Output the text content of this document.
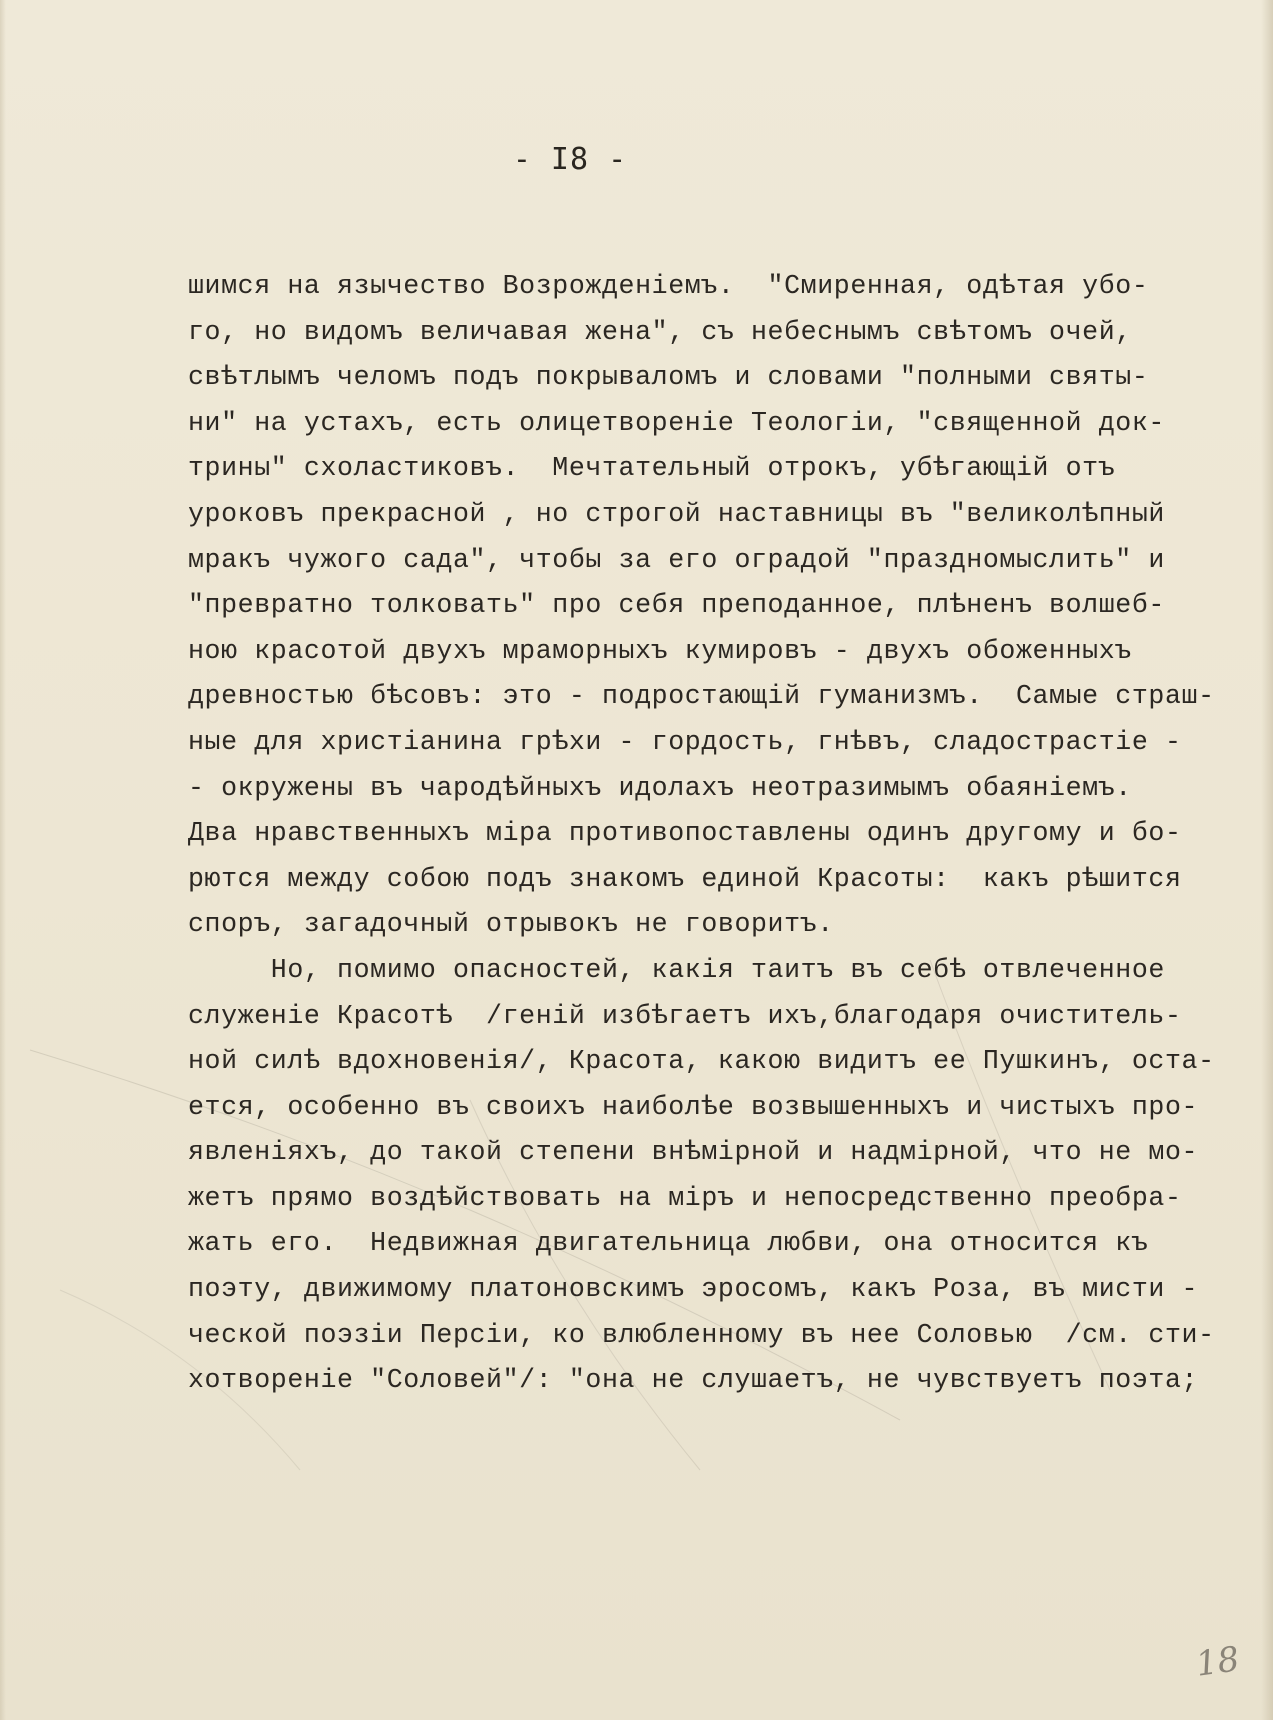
- I8 -
шимся на язычество Возрожденіемъ.  "Смиренная, одѣтая убо-
го, но видомъ величавая жена", съ небеснымъ свѣтомъ очей,
свѣтлымъ челомъ подъ покрываломъ и словами "полными святы-
ни" на устахъ, есть олицетвореніе Теологіи, "священной док-
трины" схоластиковъ.  Мечтательный отрокъ, убѣгающій отъ
уроковъ прекрасной , но строгой наставницы въ "великолѣпный
мракъ чужого сада", чтобы за его оградой "праздномыслить" и
"превратно толковать" про себя преподанное, плѣненъ волшеб-
ною красотой двухъ мраморныхъ кумировъ - двухъ обоженныхъ
древностью бѣсовъ: это - подростающій гуманизмъ.  Самые страш-
ные для христіанина грѣхи - гордость, гнѣвъ, сладострастіе -
- окружены въ чародѣйныхъ идолахъ неотразимымъ обаяніемъ.
Два нравственныхъ міра противопоставлены одинъ другому и бо-
рются между собою подъ знакомъ единой Красоты:  какъ рѣшится
споръ, загадочный отрывокъ не говоритъ.
Но, помимо опасностей, какія таитъ въ себѣ отвлеченное
служеніе Красотѣ  /геній избѣгаетъ ихъ,благодаря очиститель-
ной силѣ вдохновенія/, Красота, какою видитъ ее Пушкинъ, оста-
ется, особенно въ своихъ наиболѣе возвышенныхъ и чистыхъ про-
явленіяхъ, до такой степени внѣмірной и надмірной, что не мо-
жетъ прямо воздѣйствовать на міръ и непосредственно преобра-
жать его.  Недвижная двигательница любви, она относится къ
поэту, движимому платоновскимъ эросомъ, какъ Роза, въ мисти -
ческой поэзіи Персіи, ко влюбленному въ нее Соловью  /см. сти-
хотвореніе "Соловей"/: "она не слушаетъ, не чувствуетъ поэта;
18
